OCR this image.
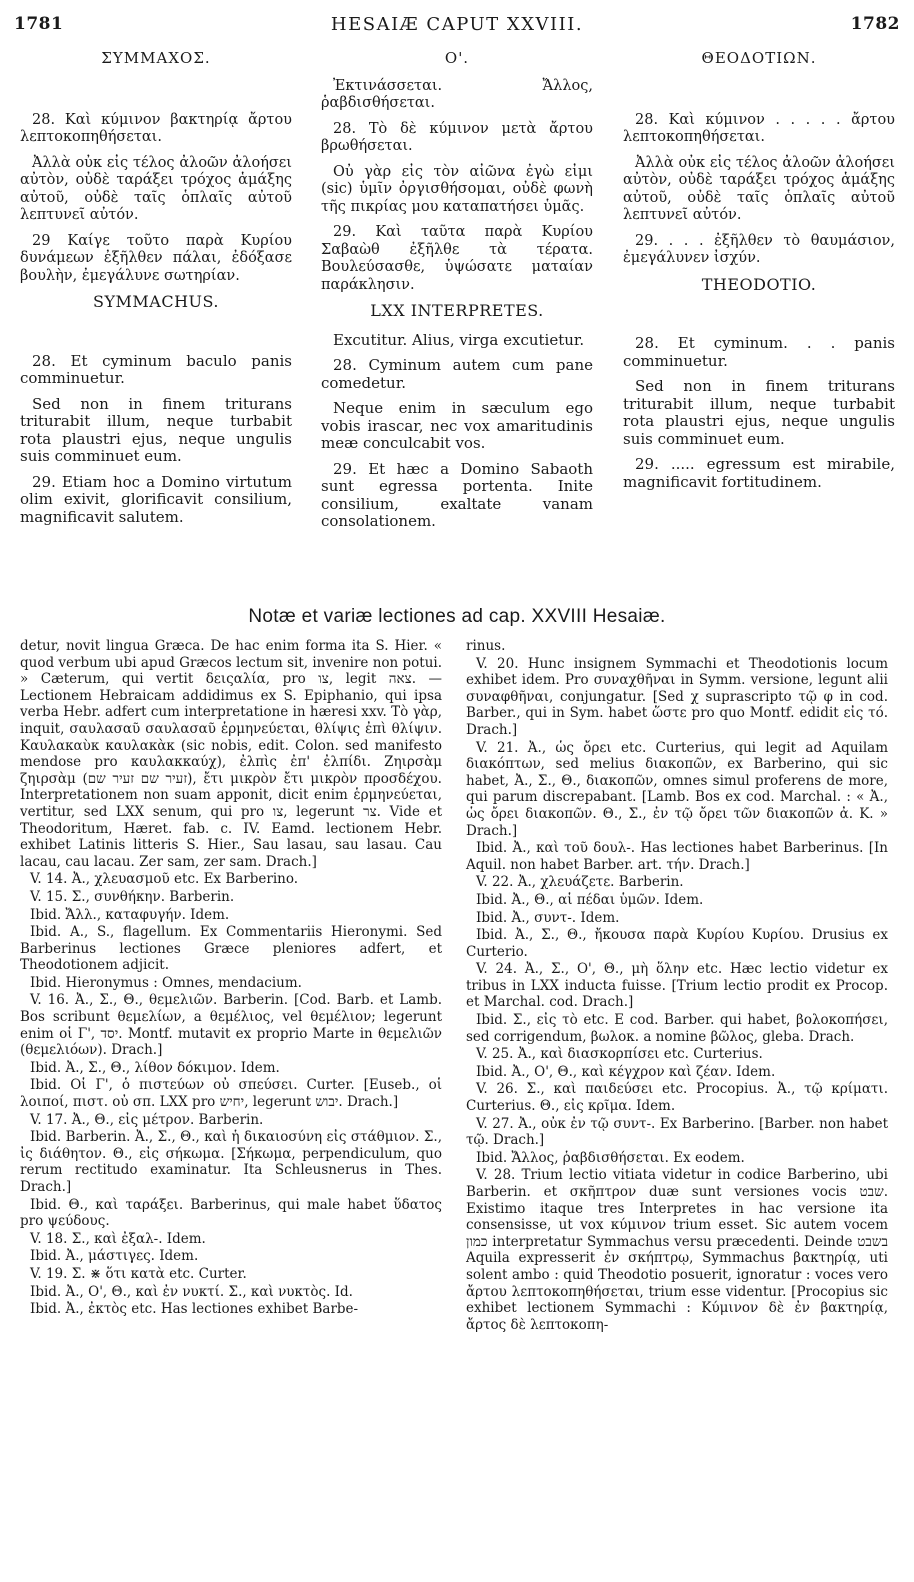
1781	HESAIÆ CAPUT XXVIII.	1782
ΣΥΜΜΑΧΟΣ.
28. Καὶ κύμινον βακτηρίᾳ ἄρτου λεπτοκοπηθήσεται.
Ἀλλὰ οὐκ εἰς τέλος ἀλοῶν ἀλοήσει αὐτὸν, οὐδὲ ταράξει τρόχος ἁμάξης αὐτοῦ, οὐδὲ ταῖς ὁπλαῖς αὐτοῦ λεπτυνεῖ αὐτόν.
29 Καίγε τοῦτο παρὰ Κυρίου δυνάμεων ἐξῆλθεν πάλαι, ἐδόξασε βουλὴν, ἐμεγάλυνε σωτηρίαν.
SYMMACHUS.
28. Et cyminum baculo panis comminuetur.
Sed non in finem triturans triturabit illum, neque turbabit rota plaustri ejus, neque ungulis suis comminuet eum.
29. Etiam hoc a Domino virtutum olim exivit, glorificavit consilium, magnificavit salutem.
Ο'.
Ἐκτινάσσεται. Ἄλλος, ῥαβδισθήσεται.
28. Τὸ δὲ κύμινον μετὰ ἄρτου βρωθήσεται.
Οὐ γὰρ εἰς τὸν αἰῶνα ἐγὼ εἰμι (sic) ὑμῖν ὀργισθήσομαι, οὐδὲ φωνὴ τῆς πικρίας μου καταπατήσει ὑμᾶς.
29. Καὶ ταῦτα παρὰ Κυρίου Σαβαὼθ ἐξῆλθε τὰ τέρατα. Βουλεύσασθε, ὑψώσατε ματαίαν παράκλησιν.
LXX INTERPRETES.
Excutitur. Alius, virga excutietur.
28. Cyminum autem cum pane comedetur.
Neque enim in sæculum ego vobis irascar, nec vox amaritudinis meæ conculcabit vos.
29. Et hæc a Domino Sabaoth sunt egressa portenta. Inite consilium, exaltate vanam consolationem.
ΘΕΟΔΟΤΙΩΝ.
28. Καὶ κύμινον . . . . . ἄρτου λεπτοκοπηθήσεται.
Ἀλλὰ οὐκ εἰς τέλος ἀλοῶν ἀλοήσει αὐτὸν, οὐδὲ ταράξει τρόχος ἁμάξης αὐτοῦ, οὐδὲ ταῖς ὁπλαῖς αὐτοῦ λεπτυνεῖ αὐτόν.
29. . . . ἐξῆλθεν τὸ θαυμάσιον, ἐμεγάλυνεν ἰσχύν.
THEODOTIO.
28. Et cyminum. . . panis comminuetur.
Sed non in finem triturans triturabit illum, neque turbabit rota plaustri ejus, neque ungulis suis comminuet eum.
29. ..... egressum est mirabile, magnificavit fortitudinem.
Notæ et variæ lectiones ad cap. XXVIII Hesaiæ.

detur, novit lingua Græca. De hac enim forma ita S. Hier. « quod verbum ubi apud Græcos lectum sit, invenire non potui. » Cæterum, qui vertit δειςαλία, pro צו, legit צאה. — Lectionem Hebraicam addidimus ex S. Epiphanio, qui ipsa verba Hebr. adfert cum interpretatione in hæresi xxv. Τὸ γὰρ, inquit, σαυλασαῦ σαυλασαῦ ἑρμηνεύεται, θλίψις ἐπὶ θλίψιν. Καυλακαὺκ καυλακὰκ (sic nobis, edit. Colon. sed manifesto mendose pro καυλακκαύχ), ἐλπὶς ἐπ' ἐλπίδι. Ζηιρσὰμ ζηιρσὰμ (זעיר שם זעיר שם), ἔτι μικρὸν ἔτι μικρὸν προσδέχου. Interpretationem non suam apponit, dicit enim ἑρμηνεύεται, vertitur, sed LXX senum, qui pro צו, legerunt צר. Vide et Theodoritum, Hæret. fab. c. IV. Eamd. lectionem Hebr. exhibet Latinis litteris S. Hier., Sau lasau, sau lasau. Cau lacau, cau lacau. Zer sam, zer sam. Drach.]

V. 14. Ἀ., χλευασμοῦ etc. Ex Barberino.

V. 15. Σ., συνθήκην. Barberin.

Ibid. Ἄλλ., καταφυγήν. Idem.

Ibid. A., S., flagellum. Ex Commentariis Hieronymi. Sed Barberinus lectiones Græce pleniores adfert, et Theodotionem adjicit.

Ibid. Hieronymus : Omnes, mendacium.

V. 16. Ἀ., Σ., Θ., θεμελιῶν. Barberin. [Cod. Barb. et Lamb. Bos scribunt θεμελίων, a θεμέλιος, vel θεμέλιον; legerunt enim οἱ Γ', יסד. Montf. mutavit ex proprio Marte in θεμελιῶν (θεμελιόων). Drach.]

Ibid. Ἀ., Σ., Θ., λίθον δόκιμον. Idem.

Ibid. Οἱ Γ', ὁ πιστεύων οὐ σπεύσει. Curter. [Euseb., οἱ λοιποί, πιστ. οὐ σπ. LXX pro יחיש, legerunt יבוש. Drach.]

V. 17. Ἀ., Θ., εἰς μέτρον. Barberin.

Ibid. Barberin. Ἀ., Σ., Θ., καὶ ἡ δικαιοσύνη εἰς στάθμιον. Σ., ἰς διάθητον. Θ., εἰς σήκωμα. [Σήκωμα, perpendiculum, quo rerum rectitudo examinatur. Ita Schleusnerus in Thes. Drach.]

Ibid. Θ., καὶ ταράξει. Barberinus, qui male habet ὕδατος pro ψεύδους.

V. 18. Σ., καὶ ἐξαλ-. Idem.

Ibid. Ἀ., μάστιγες. Idem.

V. 19. Σ. ⋇ ὅτι κατὰ etc. Curter.

Ibid. Ἀ., Ο', Θ., καὶ ἐν νυκτί. Σ., καὶ νυκτὸς. Id.

Ibid. Ἀ., ἐκτὸς etc. Has lectiones exhibet Barbe-

rinus.

V. 20. Hunc insignem Symmachi et Theodotionis locum exhibet idem. Pro συναχθῆναι in Symm. versione, legunt alii συναφθῆναι, conjungatur. [Sed χ suprascripto τῷ φ in cod. Barber., qui in Sym. habet ὥστε pro quo Montf. edidit εἰς τό. Drach.]

V. 21. Ἀ., ὡς ὄρει etc. Curterius, qui legit ad Aquilam διακόπτων, sed melius διακοπῶν, ex Barberino, qui sic habet, Ἀ., Σ., Θ., διακοπῶν, omnes simul proferens de more, qui parum discrepabant. [Lamb. Bos ex cod. Marchal. : « Ἀ., ὡς ὄρει διακοπῶν. Θ., Σ., ἐν τῷ ὄρει τῶν διακοπῶν ἀ. Κ. » Drach.]

Ibid. Ἀ., καὶ τοῦ δουλ-. Has lectiones habet Barberinus. [In Aquil. non habet Barber. art. τήν. Drach.]

V. 22. Ἀ., χλευάζετε. Barberin.

Ibid. Ἀ., Θ., αἱ πέδαι ὑμῶν. Idem.

Ibid. Ἀ., συντ-. Idem.

Ibid. Ἀ., Σ., Θ., ἤκουσα παρὰ Κυρίου Κυρίου. Drusius ex Curterio.

V. 24. Ἀ., Σ., Ο', Θ., μὴ ὅλην etc. Hæc lectio videtur ex tribus in LXX inducta fuisse. [Trium lectio prodit ex Procop. et Marchal. cod. Drach.]

Ibid. Σ., εἰς τὸ etc. E cod. Barber. qui habet, βολοκοπήσει, sed corrigendum, βωλοκ. a nomine βῶλος, gleba. Drach.

V. 25. Ἀ., καὶ διασκορπίσει etc. Curterius.

Ibid. Ἀ., Ο', Θ., καὶ κέγχρον καὶ ζέαν. Idem.

V. 26. Σ., καὶ παιδεύσει etc. Procopius. Ἀ., τῷ κρίματι. Curterius. Θ., εἰς κρῖμα. Idem.

V. 27. Ἀ., οὐκ ἐν τῷ συντ-. Ex Barberino. [Barber. non habet τῷ. Drach.]

Ibid. Ἄλλος, ῥαβδισθήσεται. Ex eodem.

V. 28. Trium lectio vitiata videtur in codice Barberino, ubi Barberin. et σκῆπτρον duæ sunt versiones vocis שבט. Existimo itaque tres Interpretes in hac versione ita consensisse, ut vox κύμινον trium esset. Sic autem vocem כמון interpretatur Symmachus versu præcedenti. Deinde בשבט Aquila expresserit ἐν σκήπτρῳ, Symmachus βακτηρίᾳ, uti solent ambo : quid Theodotio posuerit, ignoratur : voces vero ἄρτου λεπτοκοπηθήσεται, trium esse videntur. [Procopius sic exhibet lectionem Symmachi : Κύμινον δὲ ἐν βακτηρίᾳ, ἄρτος δὲ λεπτοκοπη-
